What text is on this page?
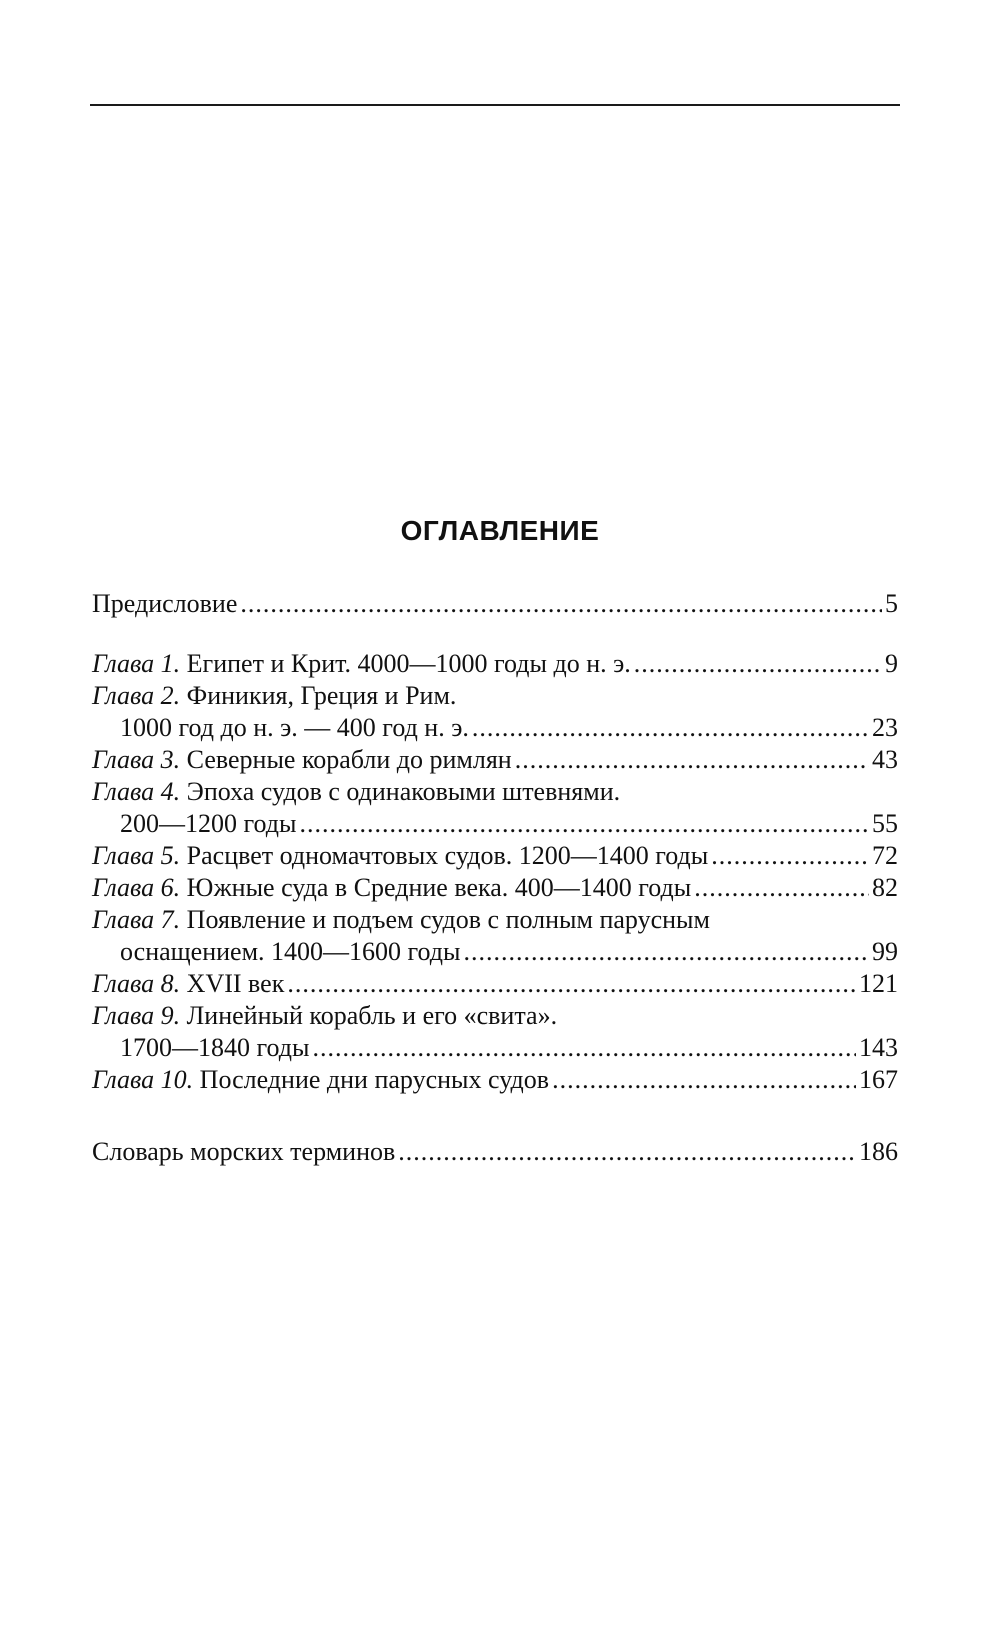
ОГЛАВЛЕНИЕ
Предисловие .....	5
Глава 1. Египет и Крит. 4000—1000 годы до н. э. .....	9
Глава 2. Финикия, Греция и Рим.
1000 год до н. э. — 400 год н. э. .....	23
Глава 3. Северные корабли до римлян .....	43
Глава 4. Эпоха судов с одинаковыми штевнями.
200—1200 годы .....	55
Глава 5. Расцвет одномачтовых судов. 1200—1400 годы .....	72
Глава 6. Южные суда в Средние века. 400—1400 годы .....	82
Глава 7. Появление и подъем судов с полным парусным
оснащением. 1400—1600 годы .....	99
Глава 8. XVII век .....	121
Глава 9. Линейный корабль и его «свита».
1700—1840 годы .....	143
Глава 10. Последние дни парусных судов .....	167
Словарь морских терминов .....	186
